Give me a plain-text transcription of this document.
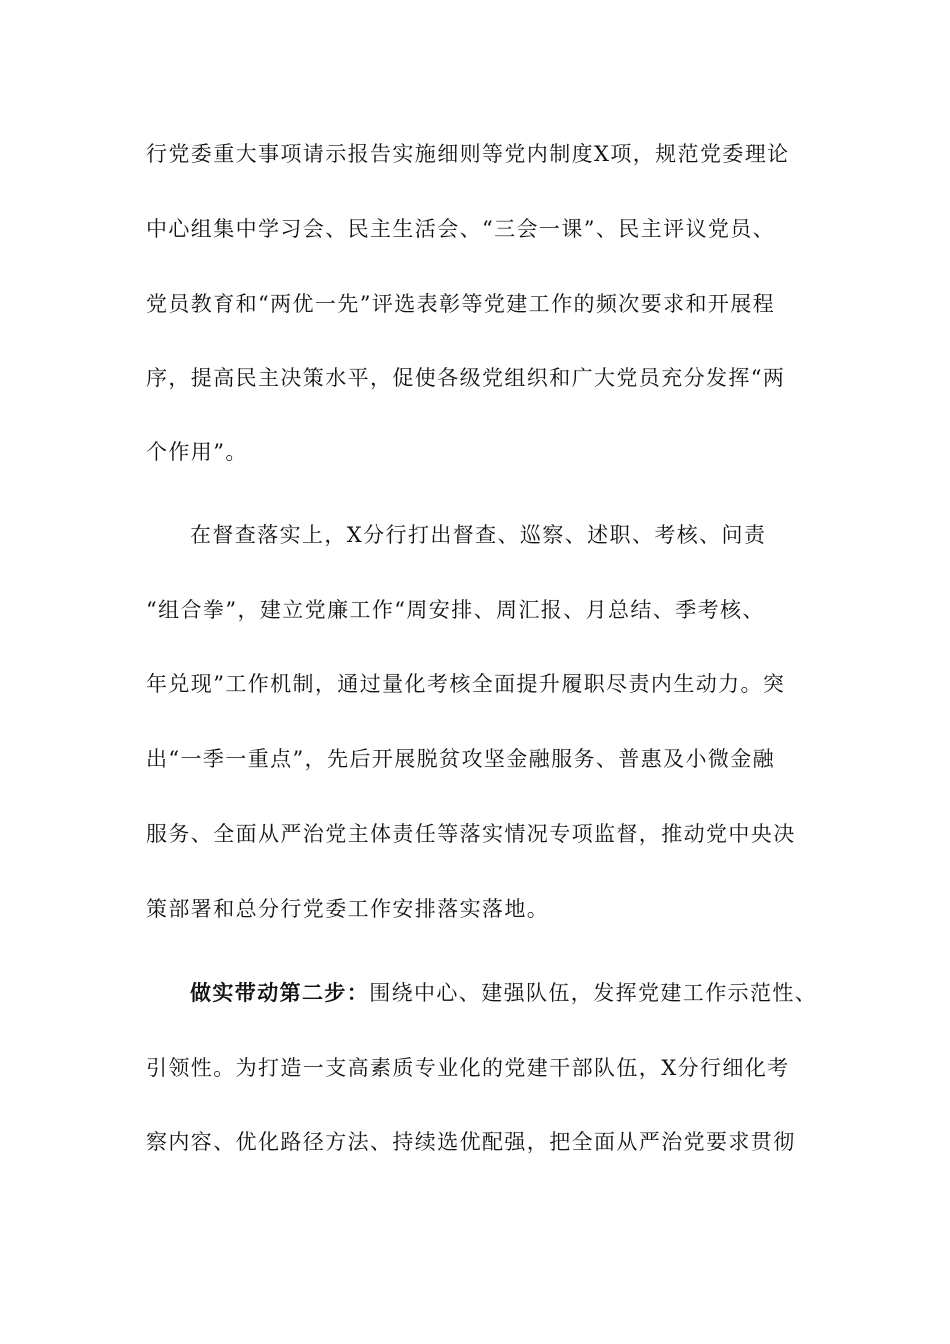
行党委重大事项请示报告实施细则等党内制度X项，规范党委理论
中心组集中学习会、民主生活会、“三会一课”、民主评议党员、
党员教育和“两优一先”评选表彰等党建工作的频次要求和开展程
序，提高民主决策水平，促使各级党组织和广大党员充分发挥“两
个作用”。
在督查落实上，X分行打出督查、巡察、述职、考核、问责
“组合拳”，建立党廉工作“周安排、周汇报、月总结、季考核、
年兑现”工作机制，通过量化考核全面提升履职尽责内生动力。突
出“一季一重点”，先后开展脱贫攻坚金融服务、普惠及小微金融
服务、全面从严治党主体责任等落实情况专项监督，推动党中央决
策部署和总分行党委工作安排落实落地。
做实带动第二步：围绕中心、建强队伍，发挥党建工作示范性、
引领性。为打造一支高素质专业化的党建干部队伍，X分行细化考
察内容、优化路径方法、持续选优配强，把全面从严治党要求贯彻
